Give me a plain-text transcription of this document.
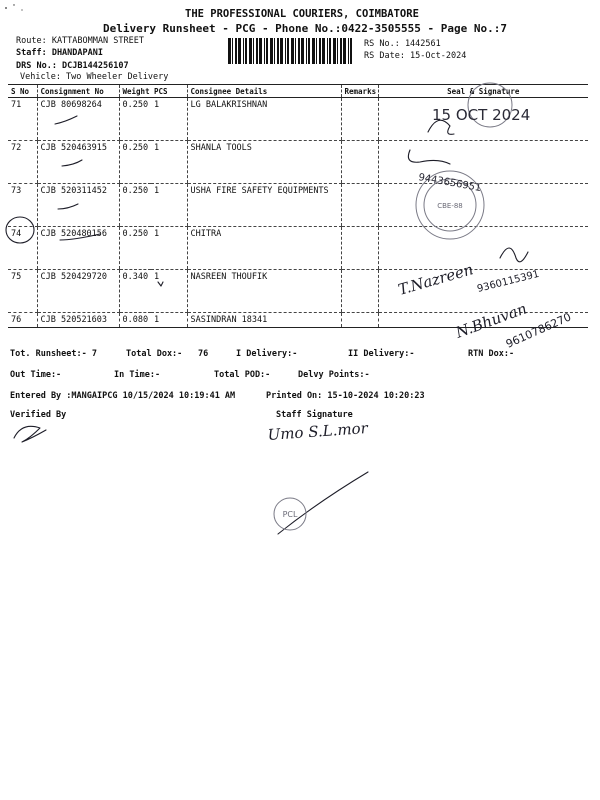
THE PROFESSIONAL COURIERS, COIMBATORE
Delivery Runsheet - PCG - Phone No.:0422-3505555 - Page No.:7
Route: KATTABOMMAN STREET
Staff: DHANDAPANI
DRS No.: DCJB144256107
Vehicle: Two Wheeler Delivery
RS No.: 1442561
RS Date: 15-Oct-2024
S No	Consignment No	Weight	PCS	Consignee Details	Remarks	Seal & Signature
71	CJB 80698264	0.250	1	LG BALAKRISHNAN		
72	CJB 520463915	0.250	1	SHANLA TOOLS		
73	CJB 520311452	0.250	1	USHA FIRE SAFETY EQUIPMENTS		
74	CJB 520480156	0.250	1	CHITRA		
75	CJB 520429720	0.340	1	NASREEN THOUFIK		
76	CJB 520521603	0.080	1	SASINDRAN 18341		
CBE-88
15 OCT 2024
9443656951
T.Nazreen 9360115391
N.Bhuvan
9610786270
Tot. Runsheet:- 7	Total Dox:- 76	I Delivery:-	II Delivery:-	RTN Dox:-
Out Time:-	In Time:-	Total POD:-	Delvy Points:-
Entered By :MANGAIPCG 10/15/2024 10:19:41 AM	Printed On: 15-10-2024 10:20:23
Verified By	Staff Signature
Umo S.L.mor
PCL
